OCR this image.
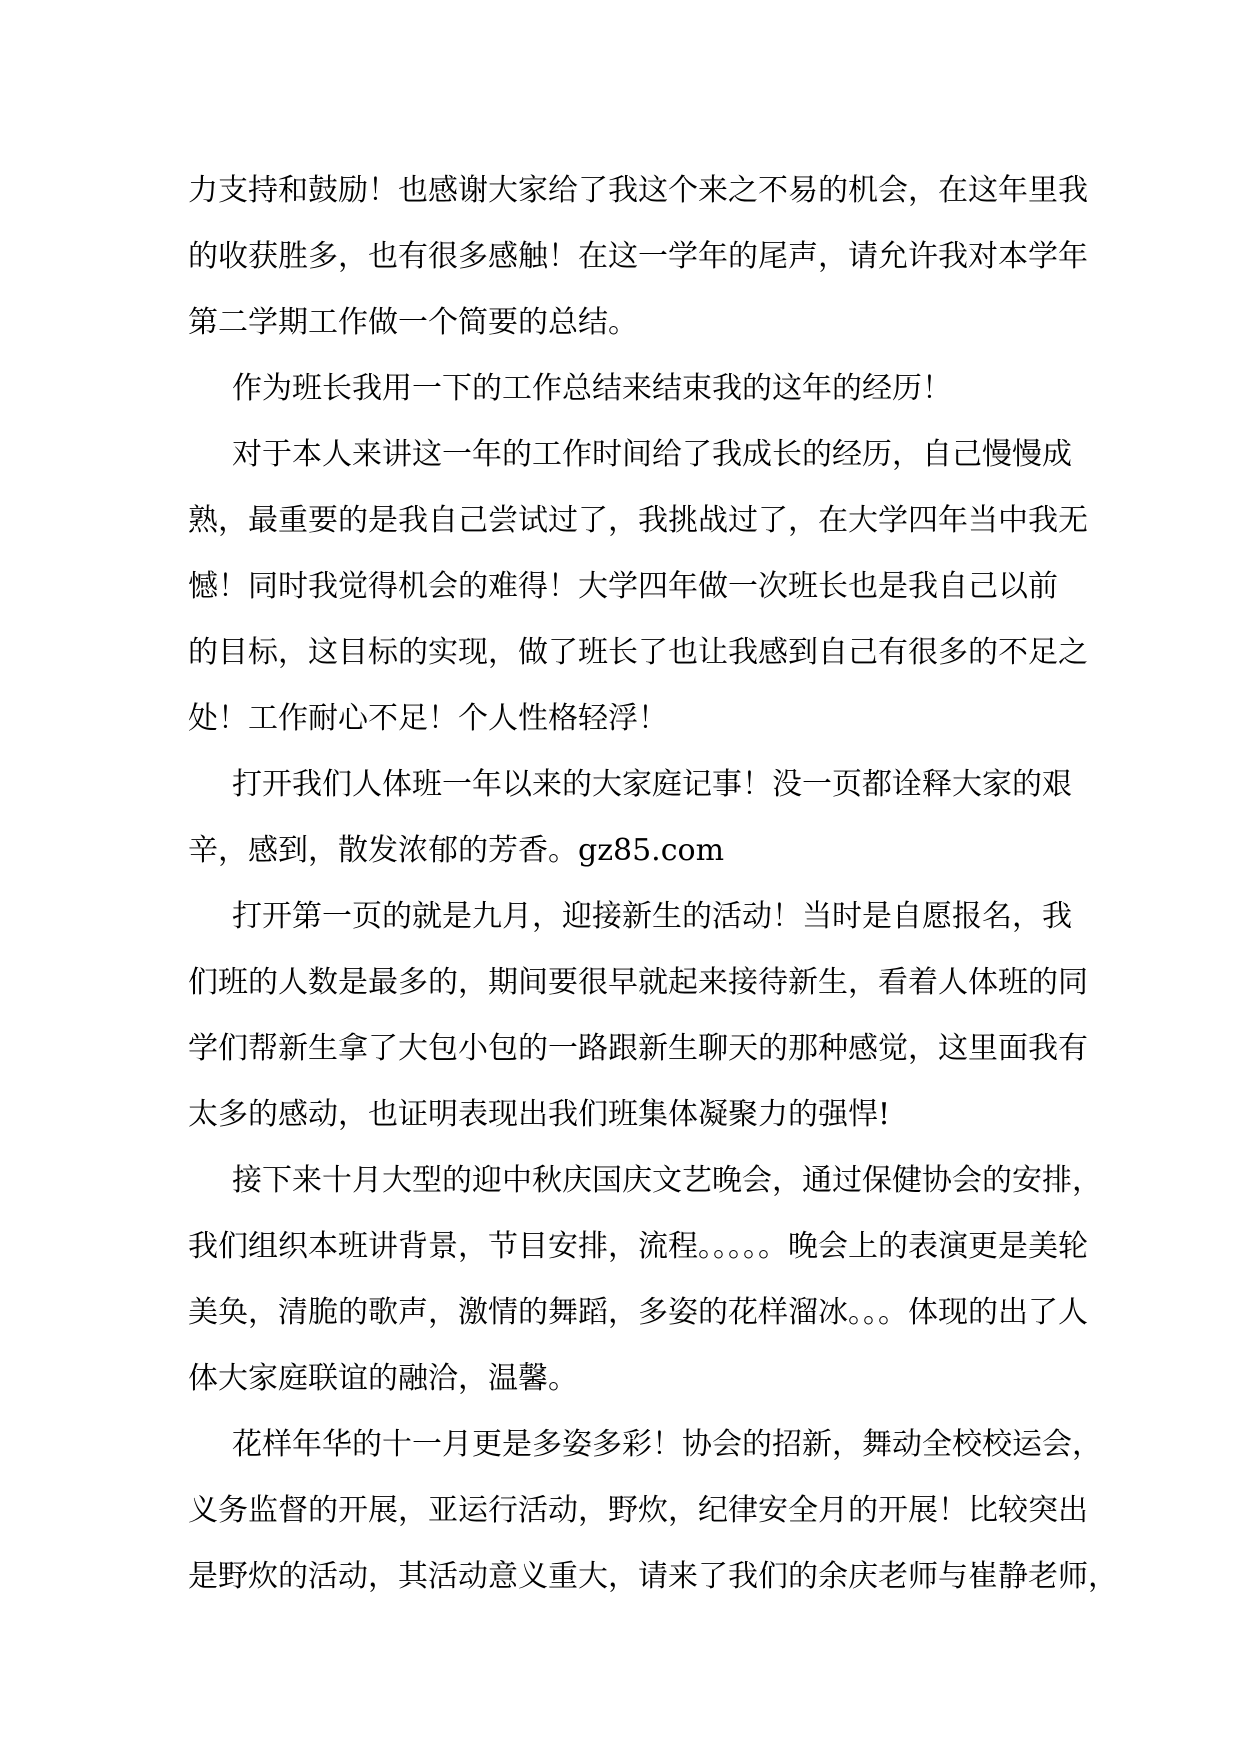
力支持和鼓励！也感谢大家给了我这个来之不易的机会，在这年里我
的收获胜多，也有很多感触！在这一学年的尾声，请允许我对本学年
第二学期工作做一个简要的总结。
作为班长我用一下的工作总结来结束我的这年的经历！
对于本人来讲这一年的工作时间给了我成长的经历，自己慢慢成
熟，最重要的是我自己尝试过了，我挑战过了，在大学四年当中我无
憾！同时我觉得机会的难得！大学四年做一次班长也是我自己以前
的目标，这目标的实现，做了班长了也让我感到自己有很多的不足之
处！工作耐心不足！个人性格轻浮！
打开我们人体班一年以来的大家庭记事！没一页都诠释大家的艰
辛，感到，散发浓郁的芳香。gz85.com
打开第一页的就是九月，迎接新生的活动！当时是自愿报名，我
们班的人数是最多的，期间要很早就起来接待新生，看着人体班的同
学们帮新生拿了大包小包的一路跟新生聊天的那种感觉，这里面我有
太多的感动，也证明表现出我们班集体凝聚力的强悍!
接下来十月大型的迎中秋庆国庆文艺晚会，通过保健协会的安排，
我们组织本班讲背景，节目安排，流程。。。。。晚会上的表演更是美轮
美奂，清脆的歌声，激情的舞蹈，多姿的花样溜冰。。。体现的出了人
体大家庭联谊的融洽，温馨。
花样年华的十一月更是多姿多彩！协会的招新，舞动全校校运会，
义务监督的开展，亚运行活动，野炊，纪律安全月的开展！比较突出
是野炊的活动，其活动意义重大，请来了我们的余庆老师与崔静老师，
